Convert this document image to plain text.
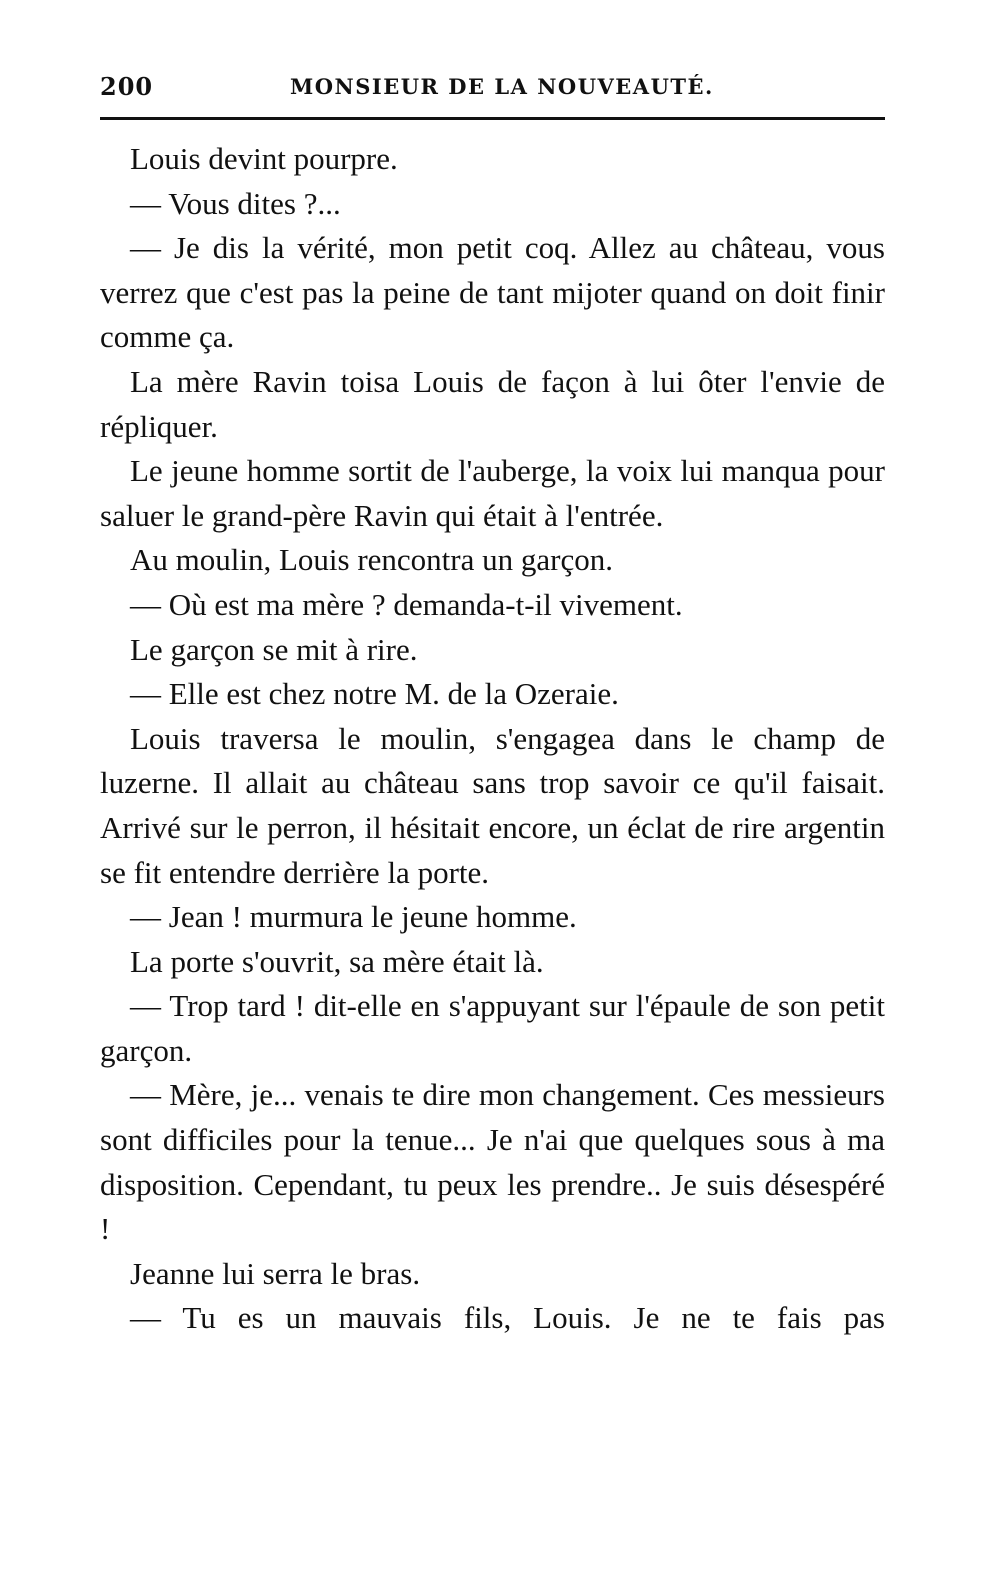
200	MONSIEUR DE LA NOUVEAUTÉ.

Louis devint pourpre.

— Vous dites ?...

— Je dis la vérité, mon petit coq. Allez au château, vous verrez que c'est pas la peine de tant mijoter quand on doit finir comme ça.

La mère Ravin toisa Louis de façon à lui ôter l'envie de répliquer.

Le jeune homme sortit de l'auberge, la voix lui manqua pour saluer le grand-père Ravin qui était à l'entrée.

Au moulin, Louis rencontra un garçon.

— Où est ma mère ? demanda-t-il vivement.

Le garçon se mit à rire.

— Elle est chez notre M. de la Ozeraie.

Louis traversa le moulin, s'engagea dans le champ de luzerne. Il allait au château sans trop savoir ce qu'il faisait. Arrivé sur le perron, il hésitait encore, un éclat de rire argentin se fit entendre derrière la porte.

— Jean ! murmura le jeune homme.

La porte s'ouvrit, sa mère était là.

— Trop tard ! dit-elle en s'appuyant sur l'épaule de son petit garçon.

— Mère, je... venais te dire mon changement. Ces messieurs sont difficiles pour la tenue... Je n'ai que quelques sous à ma disposition. Cependant, tu peux les prendre.. Je suis désespéré !

Jeanne lui serra le bras.

— Tu es un mauvais fils, Louis. Je ne te fais pas
